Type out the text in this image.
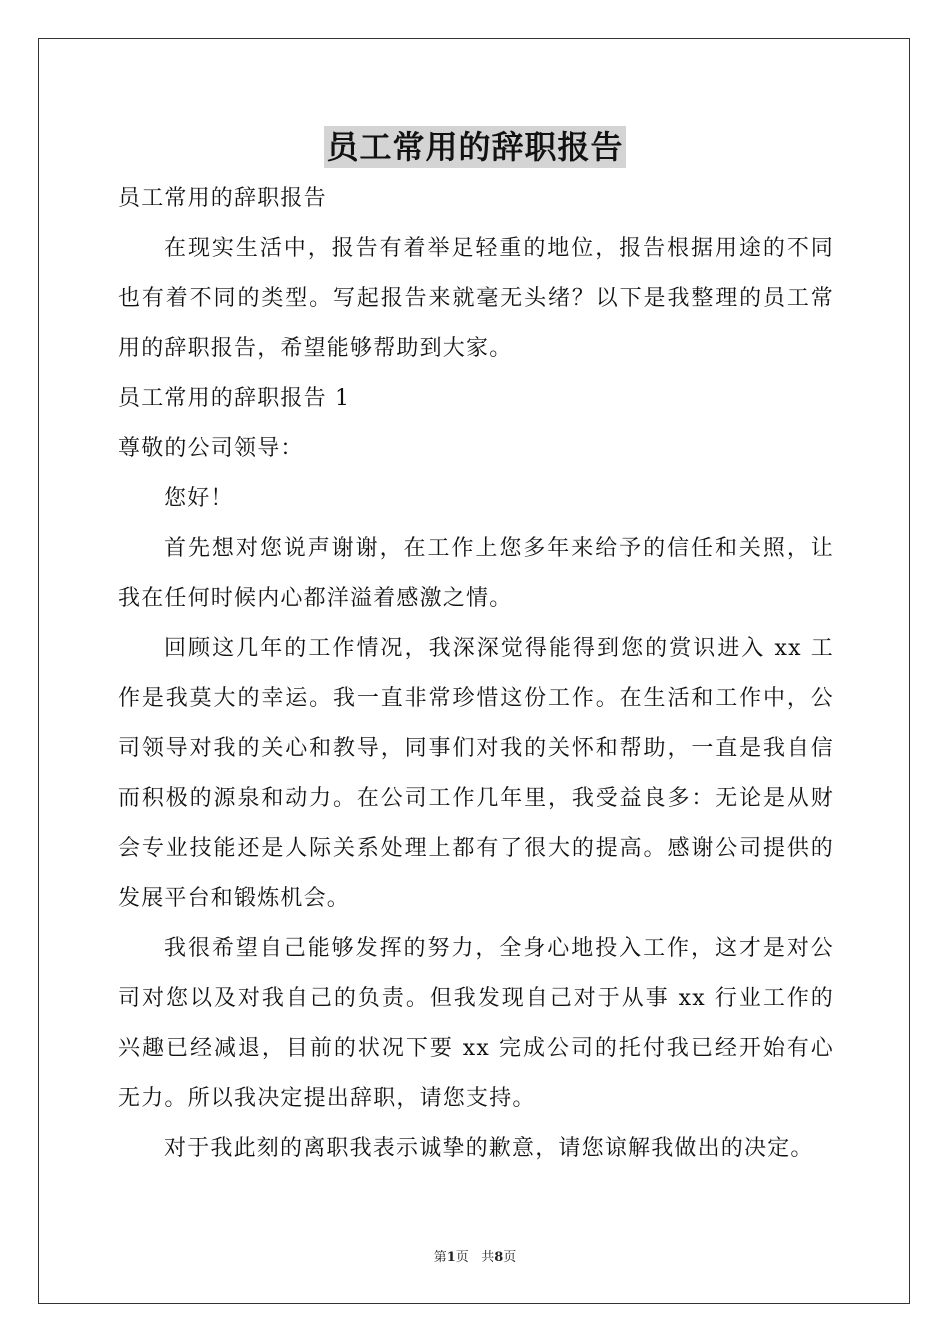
员工常用的辞职报告
员工常用的辞职报告
在现实生活中，报告有着举足轻重的地位，报告根据用途的不同
也有着不同的类型。写起报告来就毫无头绪？以下是我整理的员工常
用的辞职报告，希望能够帮助到大家。
员工常用的辞职报告 1
尊敬的公司领导：
您好！
首先想对您说声谢谢，在工作上您多年来给予的信任和关照，让
我在任何时候内心都洋溢着感激之情。
回顾这几年的工作情况，我深深觉得能得到您的赏识进入 xx 工
作是我莫大的幸运。我一直非常珍惜这份工作。在生活和工作中，公
司领导对我的关心和教导，同事们对我的关怀和帮助，一直是我自信
而积极的源泉和动力。在公司工作几年里，我受益良多：无论是从财
会专业技能还是人际关系处理上都有了很大的提高。感谢公司提供的
发展平台和锻炼机会。
我很希望自己能够发挥的努力，全身心地投入工作，这才是对公
司对您以及对我自己的负责。但我发现自己对于从事 xx 行业工作的
兴趣已经减退，目前的状况下要 xx 完成公司的托付我已经开始有心
无力。所以我决定提出辞职，请您支持。
对于我此刻的离职我表示诚挚的歉意，请您谅解我做出的决定。
第1页 共8页
